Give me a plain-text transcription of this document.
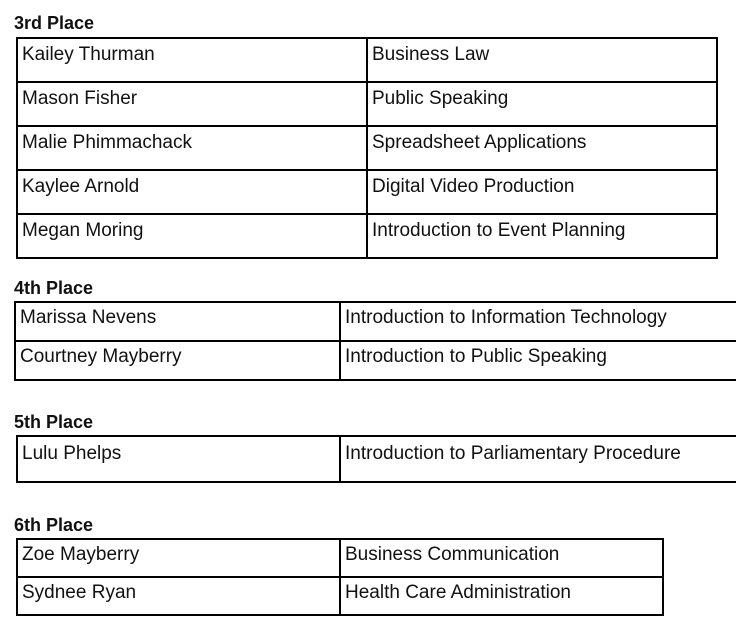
3rd Place
Kailey Thurman	Business Law
Mason Fisher	Public Speaking
Malie Phimmachack	Spreadsheet Applications
Kaylee Arnold	Digital Video Production
Megan Moring	Introduction to Event Planning
4th Place
Marissa Nevens	Introduction to Information Technology
Courtney Mayberry	Introduction to Public Speaking
5th Place
Lulu Phelps	Introduction to Parliamentary Procedure
6th Place
Zoe Mayberry	Business Communication
Sydnee Ryan	Health Care Administration
